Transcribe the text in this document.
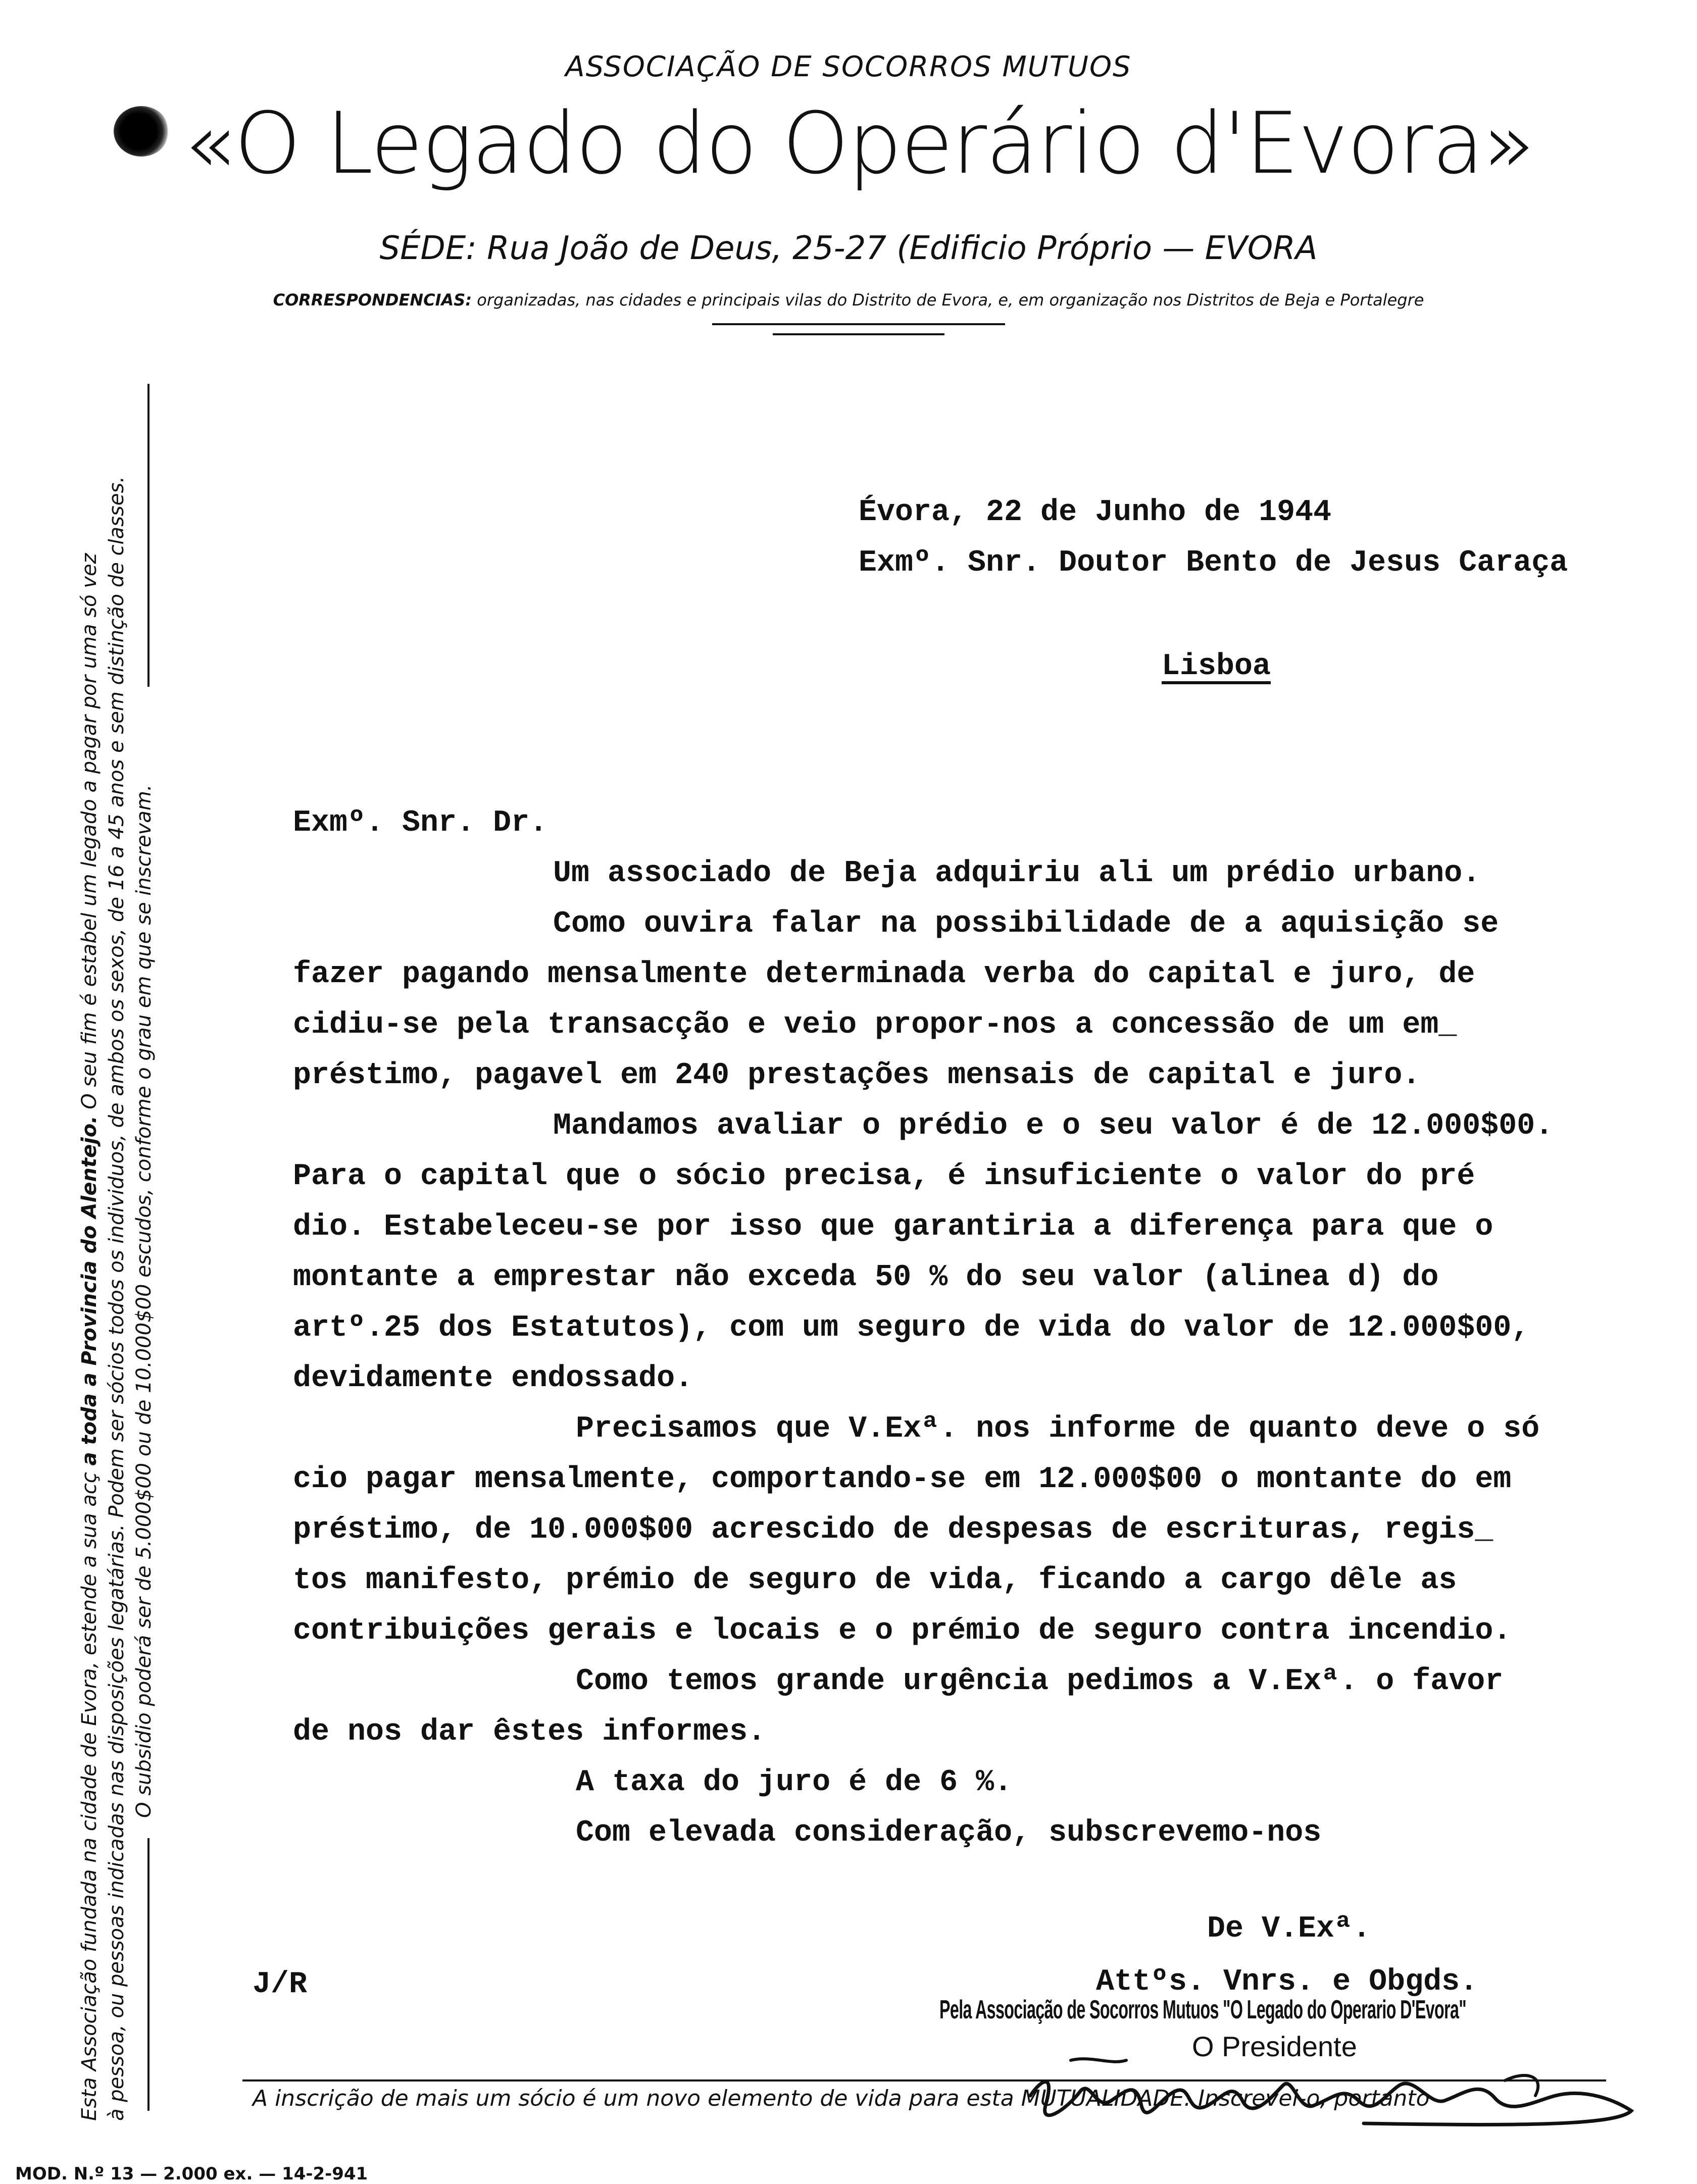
ASSOCIAÇÃO DE SOCORROS MUTUOS
«O Legado do Operário d'Evora»
SÉDE: Rua João de Deus, 25-27 (Edificio Próprio — EVORA
CORRESPONDENCIAS: organizadas, nas cidades e principais vilas do Distrito de Evora, e, em organização nos Distritos de Beja e Portalegre
Esta Associação fundada na cidade de Evora, estende a sua acç a toda a Provincia do Alentejo. O seu fim é estabel um legado a pagar por uma só vez à pessoa, ou pessoas indicadas nas disposições legatárias. Podem ser sócios todos os individuos, de ambos os sexos, de 16 a 45 anos e sem distinção de classes. O subsidio poderá ser de 5.000$00 ou de 10.000$00 escudos, conforme o grau em que se inscrevam.
Évora, 22 de Junho de 1944
Exmº. Snr. Doutor Bento de Jesus Caraça
Lisboa
Exmº. Snr. Dr.
Um associado de Beja adquiriu ali um prédio urbano.
Como ouvira falar na possibilidade de a aquisição se
fazer pagando mensalmente determinada verba do capital e juro, de
cidiu-se pela transacção e veio propor-nos a concessão de um em_
préstimo, pagavel em 240 prestações mensais de capital e juro.
Mandamos avaliar o prédio e o seu valor é de 12.000$00.
Para o capital que o sócio precisa, é insuficiente o valor do pré
dio. Estabeleceu-se por isso que garantiria a diferença para que o
montante a emprestar não exceda 50 % do seu valor (alinea d) do
artº.25 dos Estatutos), com um seguro de vida do valor de 12.000$00,
devidamente endossado.
Precisamos que V.Exª. nos informe de quanto deve o só
cio pagar mensalmente, comportando-se em 12.000$00 o montante do em
préstimo, de 10.000$00 acrescido de despesas de escrituras, regis_
tos manifesto, prémio de seguro de vida, ficando a cargo dêle as
contribuições gerais e locais e o prémio de seguro contra incendio.
Como temos grande urgência pedimos a V.Exª. o favor
de nos dar êstes informes.
A taxa do juro é de 6 %.
Com elevada consideração, subscrevemo-nos
De V.Exª.
Attºs. Vnrs. e Obgds.
J/R
Pela Associação de Socorros Mutuos "O Legado do Operario D'Evora"
O Presidente
A inscrição de mais um sócio é um novo elemento de vida para esta MUTUALIDADE. Inscrevei-o, portanto
MOD. N.º 13 — 2.000 ex. — 14-2-941
